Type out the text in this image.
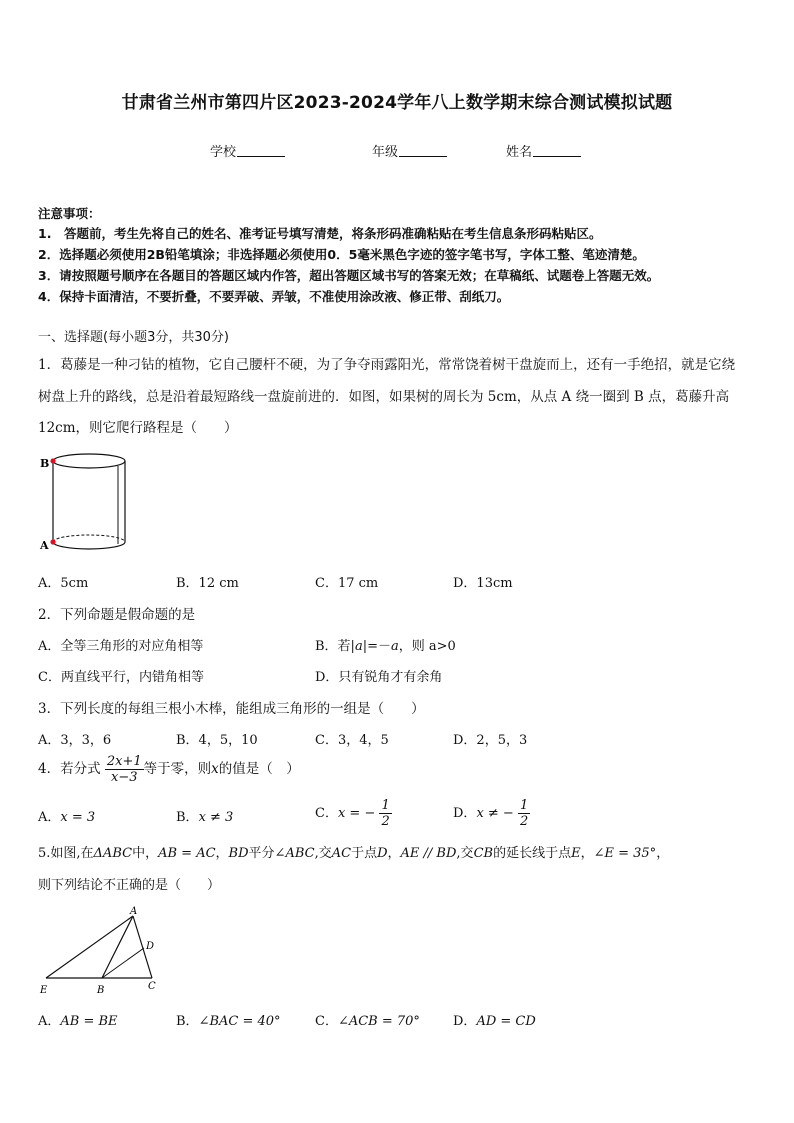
甘肃省兰州市第四片区2023-2024学年八上数学期末综合测试模拟试题
学校	年级	姓名
注意事项：
1.　答题前，考生先将自己的姓名、准考证号填写清楚，将条形码准确粘贴在考生信息条形码粘贴区。
2．选择题必须使用2B铅笔填涂；非选择题必须使用0．5毫米黑色字迹的签字笔书写，字体工整、笔迹清楚。
3．请按照题号顺序在各题目的答题区域内作答，超出答题区域书写的答案无效；在草稿纸、试题卷上答题无效。
4．保持卡面清洁，不要折叠，不要弄破、弄皱，不准使用涂改液、修正带、刮纸刀。
一、选择题(每小题3分，共30分)
1．葛藤是一种刁钻的植物，它自己腰杆不硬，为了争夺雨露阳光，常常饶着树干盘旋而上，还有一手绝招，就是它绕
树盘上升的路线，总是沿着最短路线一盘旋前进的．如图，如果树的周长为 5cm，从点 A 绕一圈到 B 点，葛藤升高
12cm，则它爬行路程是（　　）
B
A
A．5cm	B．12 cm	C．17 cm	D．13cm
2．下列命题是假命题的是
A．全等三角形的对应角相等	B．若|a|=－a，则 a>0
C．两直线平行，内错角相等	D．只有锐角才有余角
3．下列长度的每组三根小木棒，能组成三角形的一组是（　　）
A．3，3，6	B．4，5，10	C．3，4，5	D．2，5，3
4．若分式 $\frac{2x+1}{x-3}$ 等于零，则x的值是（　）
A．x = 3	B．x ≠ 3	C．x = − $\frac{1}{2}$	D．x ≠ − $\frac{1}{2}$
5.如图,在ΔABC中，AB = AC，BD平分∠ABC,交AC于点D，AE // BD,交CB的延长线于点E，∠E = 35°，
则下列结论不正确的是（　　）
A
D
E	B	C
A．AB = BE	B．∠BAC = 40°	C．∠ACB = 70°	D．AD = CD
